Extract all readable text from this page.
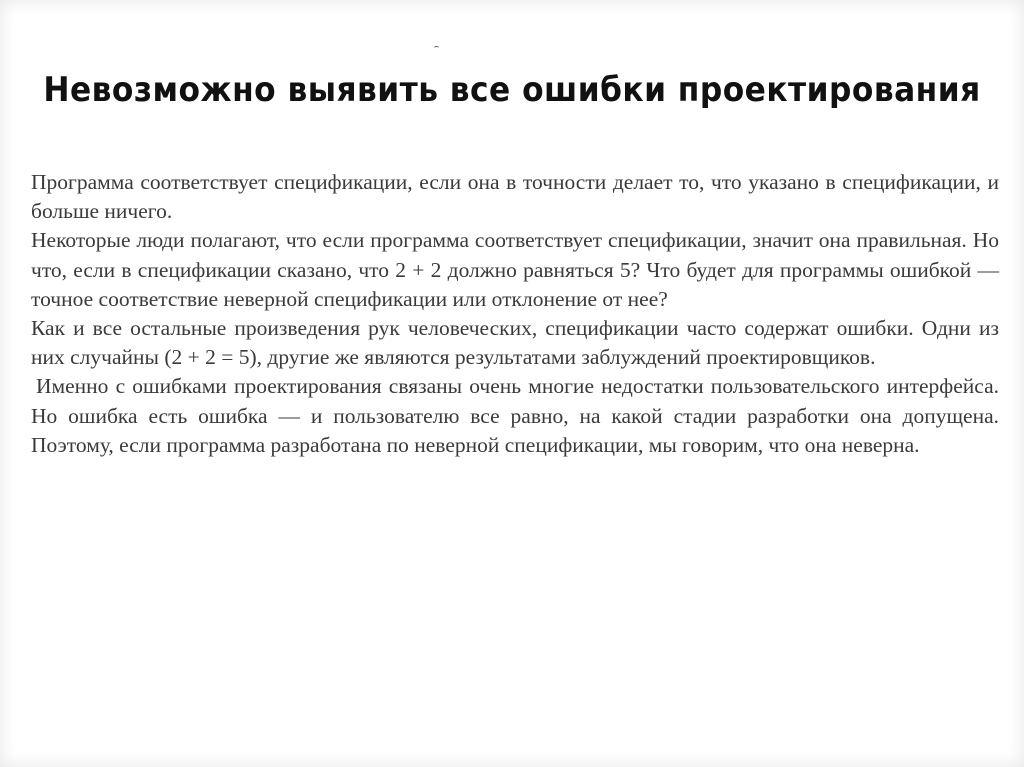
Невозможно выявить все ошибки проектирования

Программа соответствует спецификации, если она в точности делает то, что указано в спецификации, и больше ничего.

Некоторые люди полагают, что если программа соответствует спецификации, значит она правильная. Но что, если в спецификации сказано, что 2 + 2 должно равняться 5? Что будет для программы ошибкой — точное соответствие неверной спецификации или отклонение от нее?

Как и все остальные произведения рук человеческих, спецификации часто содержат ошибки. Одни из них случайны (2 + 2 = 5), другие же являются результатами заблуждений проектировщиков.

Именно с ошибками проектирования связаны очень многие недостатки пользовательского интерфейса. Но ошибка есть ошибка — и пользователю все равно, на какой стадии разработки она допущена. Поэтому, если программа разработана по неверной спецификации, мы говорим, что она неверна.
